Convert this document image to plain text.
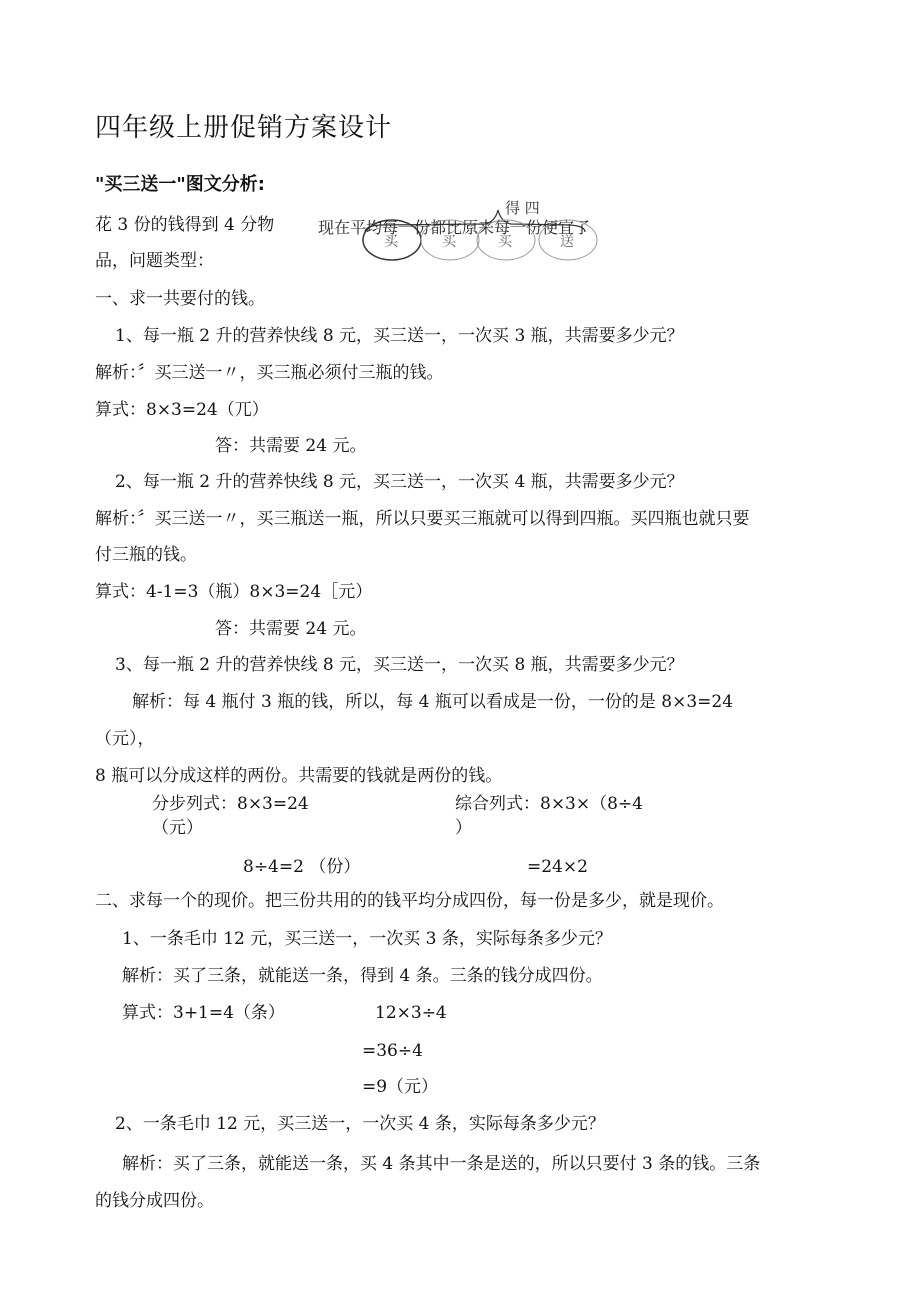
四年级上册促销方案设计
"买三送一"图文分析:
花 3 份的钱得到 4 分物
品，问题类型：
得 四
现在平均每一份都比原来每一份便宜了
买	买	买	送
一、求一共要付的钱。
1、每一瓶 2 升的营养快线 8 元，买三送一，一次买 3 瓶，共需要多少元？
解析：〞买三送一〃，买三瓶必须付三瓶的钱。
算式：8×3=24（兀）
答：共需要 24 元。
2、每一瓶 2 升的营养快线 8 元，买三送一，一次买 4 瓶，共需要多少元？
解析：〞买三送一〃，买三瓶送一瓶，所以只要买三瓶就可以得到四瓶。买四瓶也就只要
付三瓶的钱。
算式：4-1=3（瓶）8×3=24［元）
答：共需要 24 元。
3、每一瓶 2 升的营养快线 8 元，买三送一，一次买 8 瓶，共需要多少元？
解析：每 4 瓶付 3 瓶的钱，所以，每 4 瓶可以看成是一份，一份的是 8×3=24
（元），
8 瓶可以分成这样的两份。共需要的钱就是两份的钱。
分步列式：8×3=24
（元）
8÷4=2 （份）
综合列式：8×3×（8÷4
）
=24×2
二、求每一个的现价。把三份共用的的钱平均分成四份，每一份是多少，就是现价。
1、一条毛巾 12 元，买三送一，一次买 3 条，实际每条多少元？
解析：买了三条，就能送一条，得到 4 条。三条的钱分成四份。
算式：3+1=4（条）	12×3÷4
=36÷4
=9（元）
2、一条毛巾 12 元，买三送一，一次买 4 条，实际每条多少元？
解析：买了三条，就能送一条，买 4 条其中一条是送的，所以只要付 3 条的钱。三条
的钱分成四份。
